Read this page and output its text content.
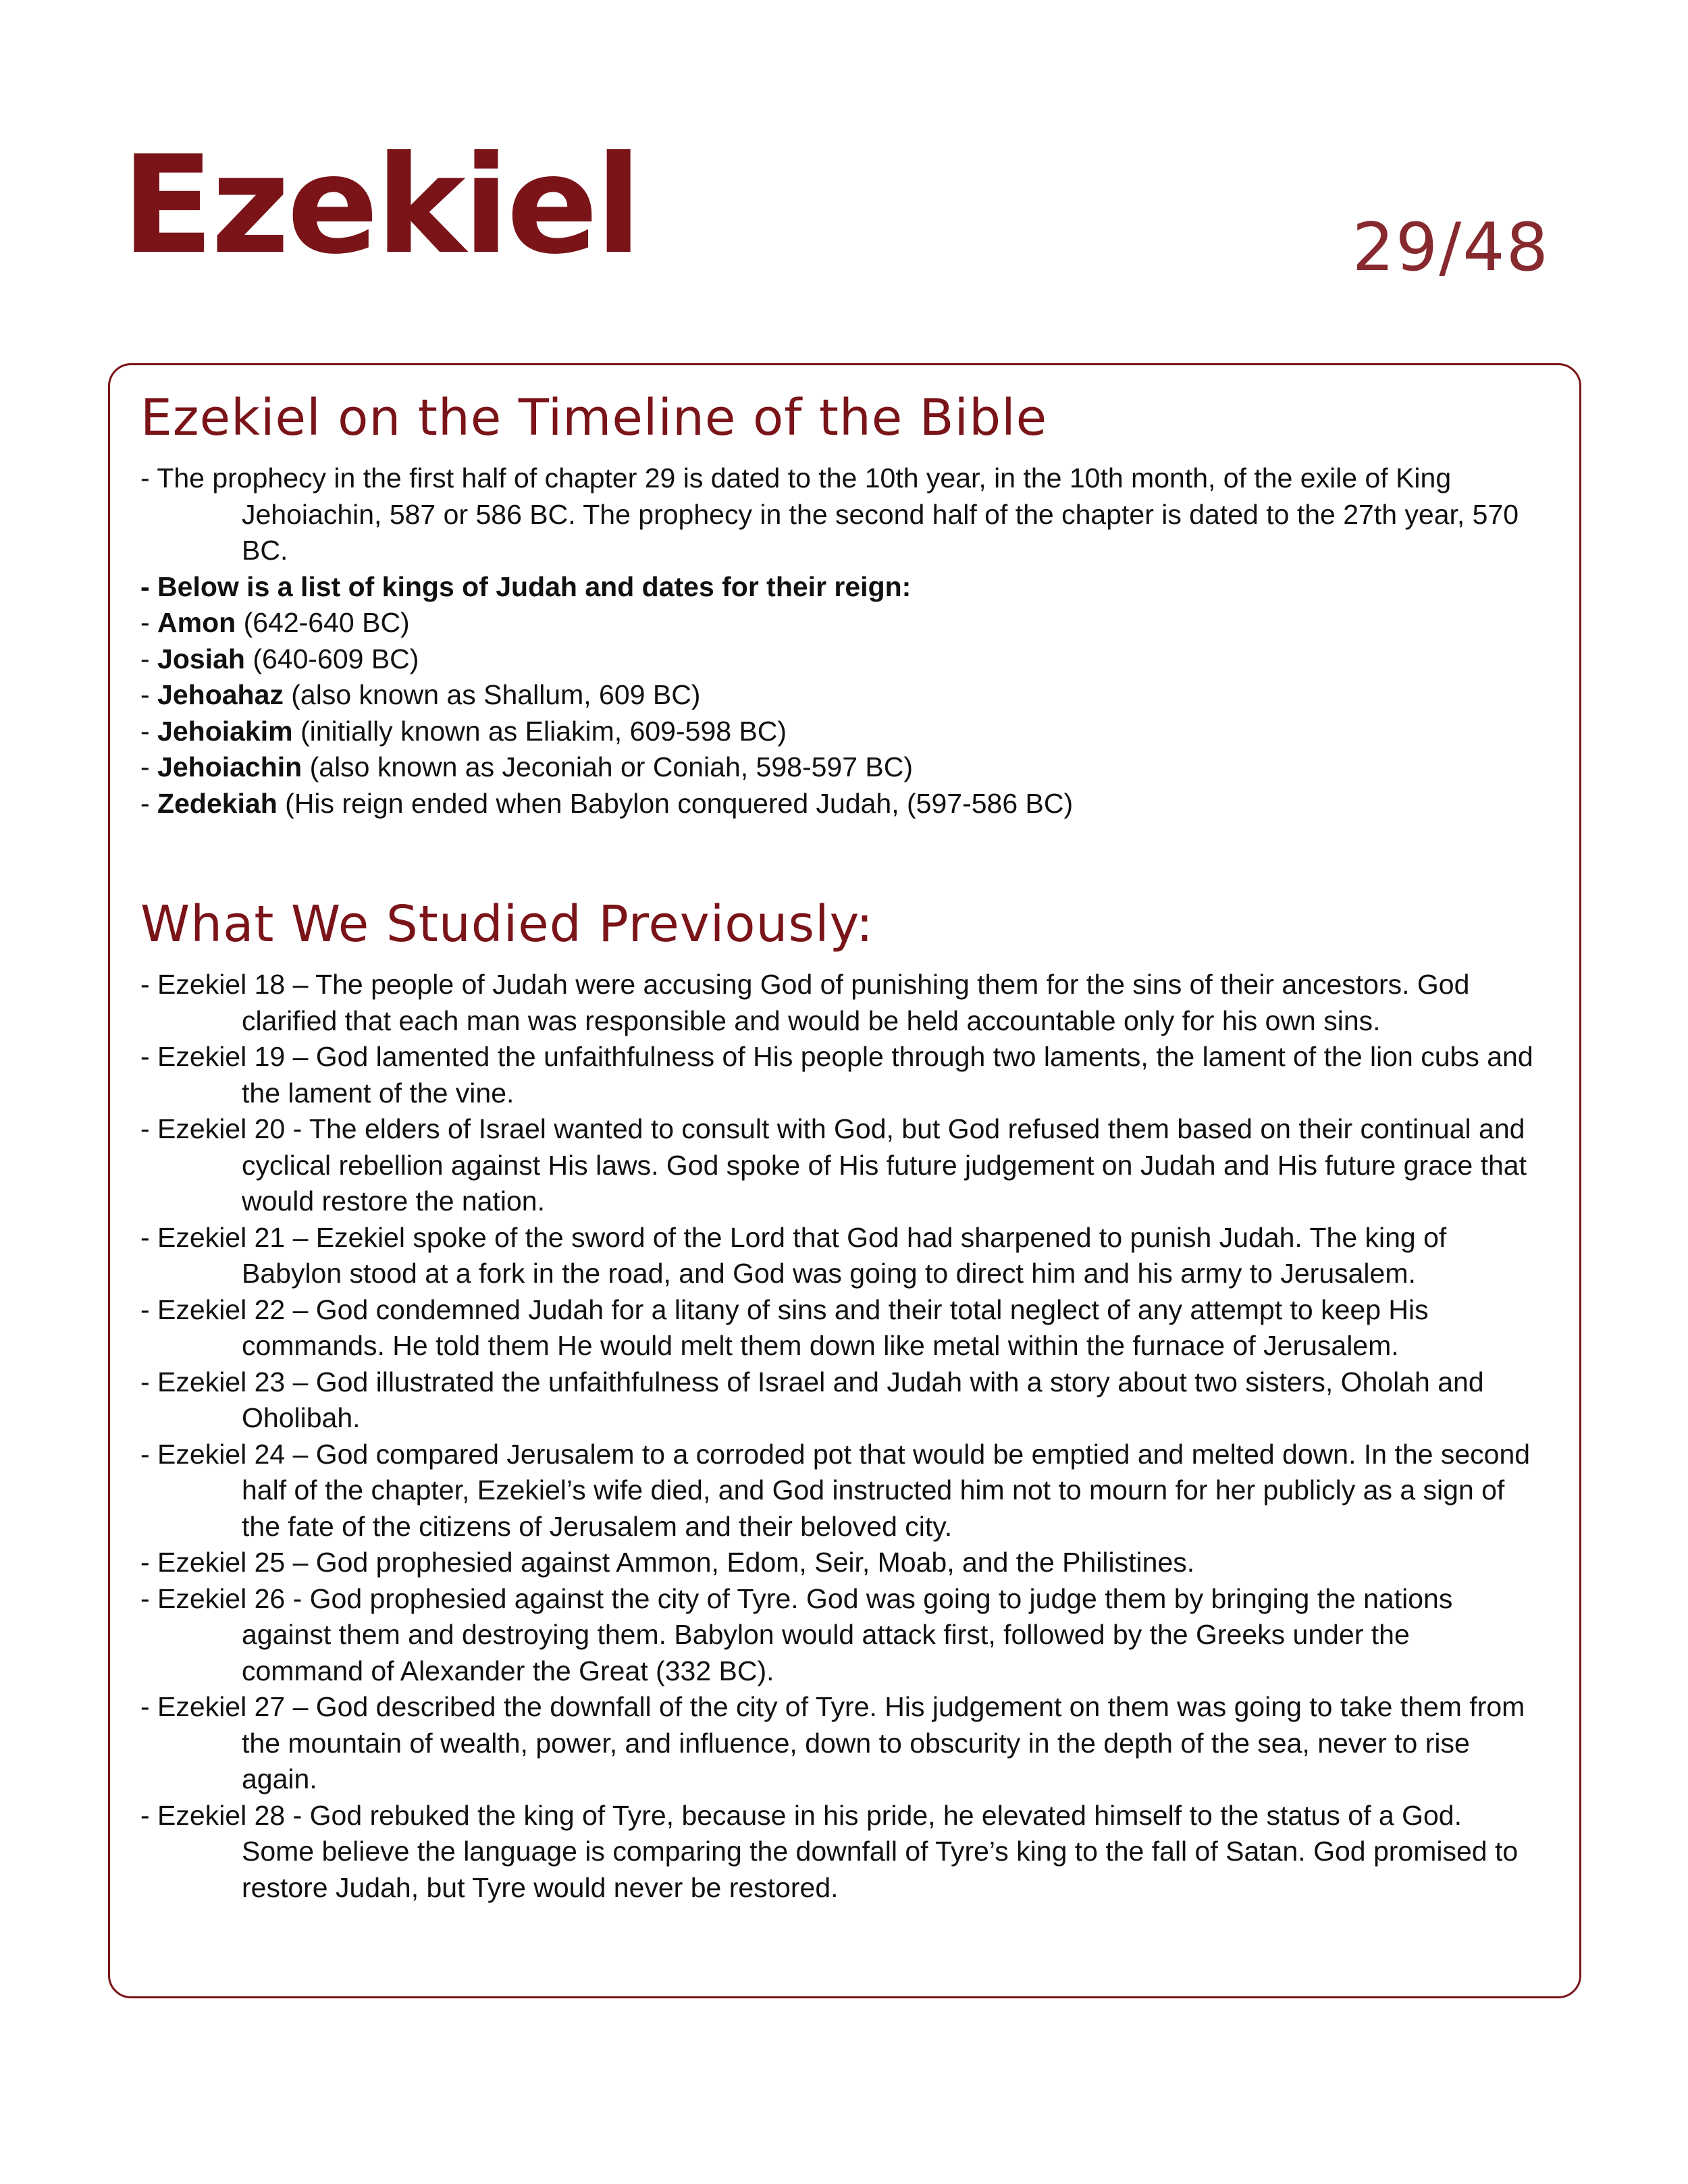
Ezekiel	29/48
Ezekiel on the Timeline of the Bible
- The prophecy in the first half of chapter 29 is dated to the 10th year, in the 10th month, of the exile of King Jehoiachin, 587 or 586 BC. The prophecy in the second half of the chapter is dated to the 27th year, 570 BC.
- Below is a list of kings of Judah and dates for their reign:
- Amon (642-640 BC)
- Josiah (640-609 BC)
- Jehoahaz (also known as Shallum, 609 BC)
- Jehoiakim (initially known as Eliakim, 609-598 BC)
- Jehoiachin (also known as Jeconiah or Coniah, 598-597 BC)
- Zedekiah (His reign ended when Babylon conquered Judah, (597-586 BC)
What We Studied Previously:
- Ezekiel 18 – The people of Judah were accusing God of punishing them for the sins of their ancestors. God clarified that each man was responsible and would be held accountable only for his own sins.
- Ezekiel 19 – God lamented the unfaithfulness of His people through two laments, the lament of the lion cubs and the lament of the vine.
- Ezekiel 20 - The elders of Israel wanted to consult with God, but God refused them based on their continual and cyclical rebellion against His laws. God spoke of His future judgement on Judah and His future grace that would restore the nation.
- Ezekiel 21 – Ezekiel spoke of the sword of the Lord that God had sharpened to punish Judah. The king of Babylon stood at a fork in the road, and God was going to direct him and his army to Jerusalem.
- Ezekiel 22 – God condemned Judah for a litany of sins and their total neglect of any attempt to keep His commands. He told them He would melt them down like metal within the furnace of Jerusalem.
- Ezekiel 23 – God illustrated the unfaithfulness of Israel and Judah with a story about two sisters, Oholah and Oholibah.
- Ezekiel 24 – God compared Jerusalem to a corroded pot that would be emptied and melted down. In the second half of the chapter, Ezekiel’s wife died, and God instructed him not to mourn for her publicly as a sign of the fate of the citizens of Jerusalem and their beloved city.
- Ezekiel 25 – God prophesied against Ammon, Edom, Seir, Moab, and the Philistines.
- Ezekiel 26 - God prophesied against the city of Tyre. God was going to judge them by bringing the nations against them and destroying them. Babylon would attack first, followed by the Greeks under the command of Alexander the Great (332 BC).
- Ezekiel 27 – God described the downfall of the city of Tyre. His judgement on them was going to take them from the mountain of wealth, power, and influence, down to obscurity in the depth of the sea, never to rise again.
- Ezekiel 28 - God rebuked the king of Tyre, because in his pride, he elevated himself to the status of a God. Some believe the language is comparing the downfall of Tyre’s king to the fall of Satan. God promised to restore Judah, but Tyre would never be restored.
